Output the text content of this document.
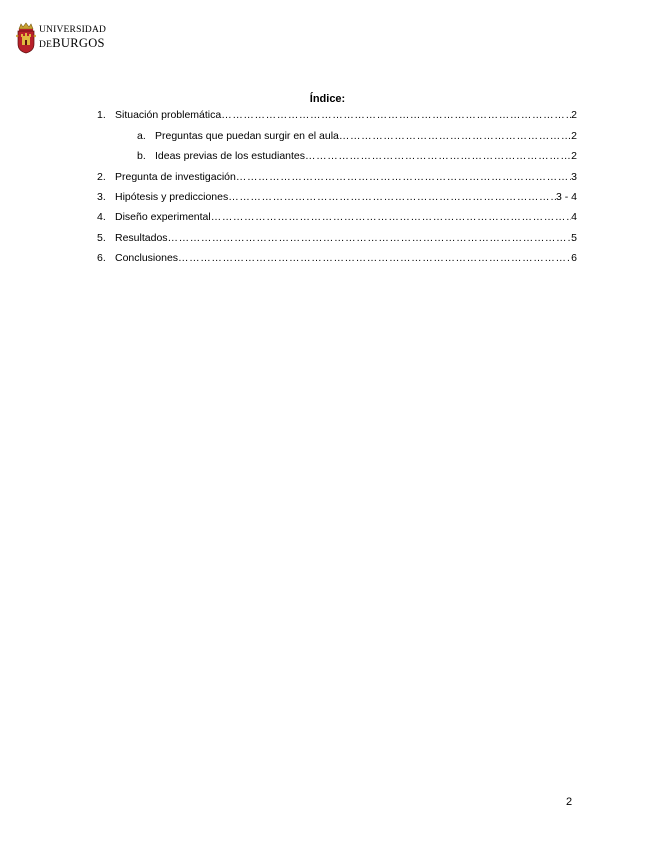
UNIVERSIDAD
DEBURGOS
Índice:
1. Situación problemática …………………………………………………………………………………………………………………………………………………………………………	2
a. Preguntas que puedan surgir en el aula …………………………………………………………………………………………………………………………………………………………………………	2
b. Ideas previas de los estudiantes …………………………………………………………………………………………………………………………………………………………………………	2
2. Pregunta de investigación …………………………………………………………………………………………………………………………………………………………………………	3
3. Hipótesis y predicciones …………………………………………………………………………………………………………………………………………………………………………	3 - 4
4. Diseño experimental …………………………………………………………………………………………………………………………………………………………………………	4
5. Resultados …………………………………………………………………………………………………………………………………………………………………………	5
6. Conclusiones …………………………………………………………………………………………………………………………………………………………………………	6
2
